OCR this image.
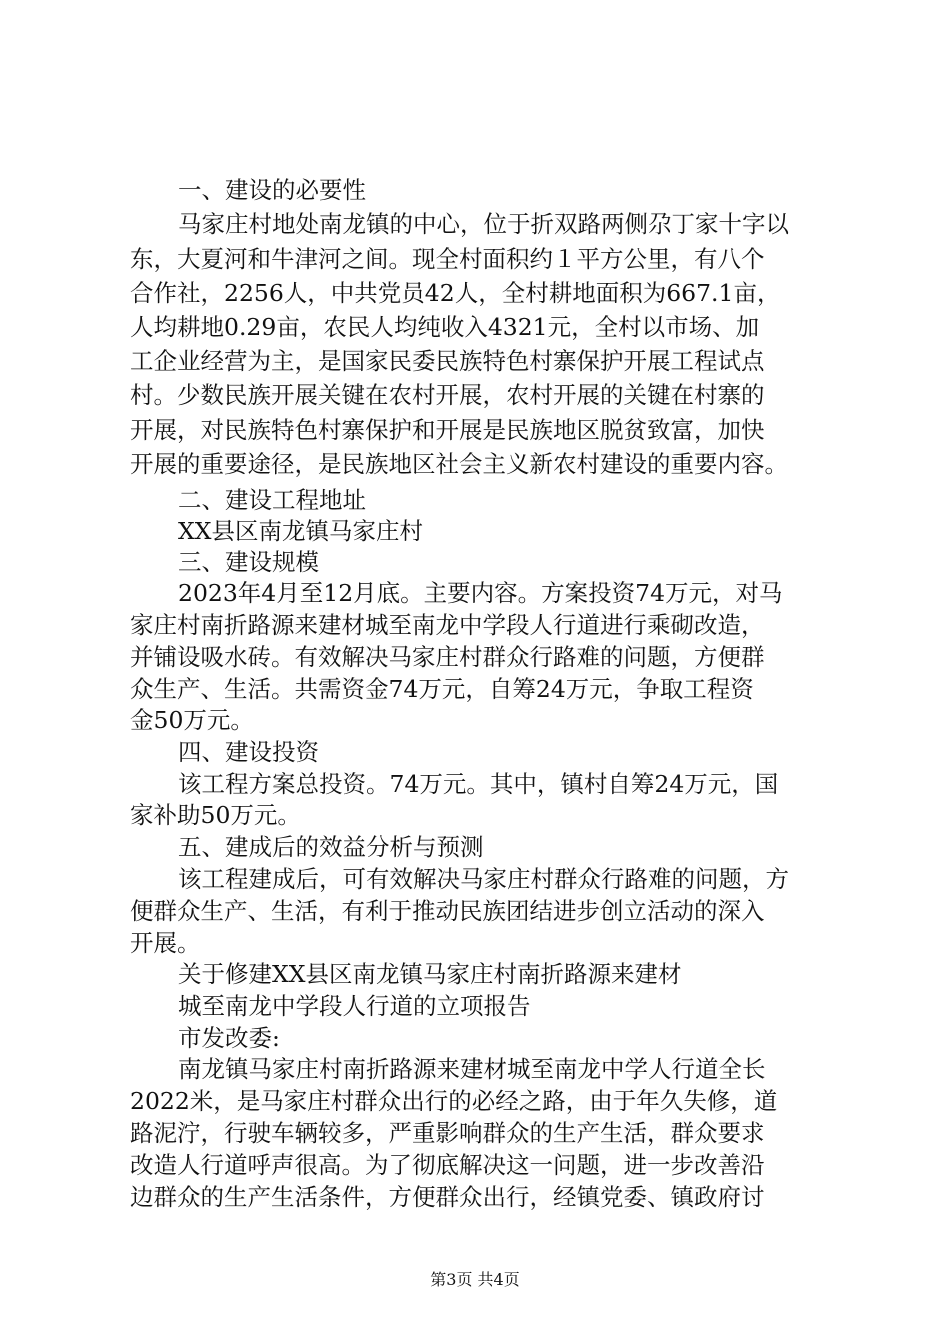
一、建设的必要性
马家庄村地处南龙镇的中心，位于折双路两侧尕丁家十字以
东，大夏河和牛津河之间。现全村面积约１平方公里，有八个
合作社，2256人，中共党员42人，全村耕地面积为667.1亩，
人均耕地0.29亩，农民人均纯收入4321元，全村以市场、加
工企业经营为主，是国家民委民族特色村寨保护开展工程试点
村。少数民族开展关键在农村开展，农村开展的关键在村寨的
开展，对民族特色村寨保护和开展是民族地区脱贫致富，加快
开展的重要途径，是民族地区社会主义新农村建设的重要内容。
二、建设工程地址
XX县区南龙镇马家庄村
三、建设规模
2023年4月至12月底。主要内容。方案投资74万元，对马
家庄村南折路源来建材城至南龙中学段人行道进行乘砌改造，
并铺设吸水砖。有效解决马家庄村群众行路难的问题，方便群
众生产、生活。共需资金74万元，自筹24万元，争取工程资
金50万元。
四、建设投资
该工程方案总投资。74万元。其中，镇村自筹24万元，国
家补助50万元。
五、建成后的效益分析与预测
该工程建成后，可有效解决马家庄村群众行路难的问题，方
便群众生产、生活，有利于推动民族团结进步创立活动的深入
开展。
关于修建XX县区南龙镇马家庄村南折路源来建材
城至南龙中学段人行道的立项报告
市发改委:
南龙镇马家庄村南折路源来建材城至南龙中学人行道全长
2022米，是马家庄村群众出行的必经之路，由于年久失修，道
路泥泞，行驶车辆较多，严重影响群众的生产生活，群众要求
改造人行道呼声很高。为了彻底解决这一问题，进一步改善沿
边群众的生产生活条件，方便群众出行，经镇党委、镇政府讨
第3页 共4页
